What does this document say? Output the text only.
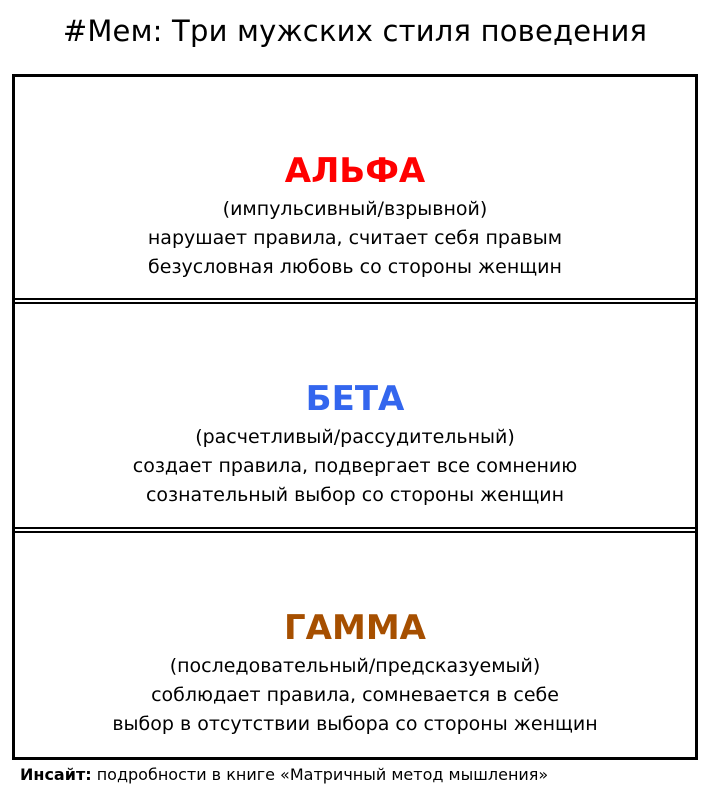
#Мем: Три мужских стиля поведения
АЛЬФА
(импульсивный/взрывной)
нарушает правила, считает себя правым
безусловная любовь со стороны женщин
БЕТА
(расчетливый/рассудительный)
создает правила, подвергает все сомнению
сознательный выбор со стороны женщин
ГАММА
(последовательный/предсказуемый)
соблюдает правила, сомневается в себе
выбор в отсутствии выбора со стороны женщин
Инсайт: подробности в книге «Матричный метод мышления»
